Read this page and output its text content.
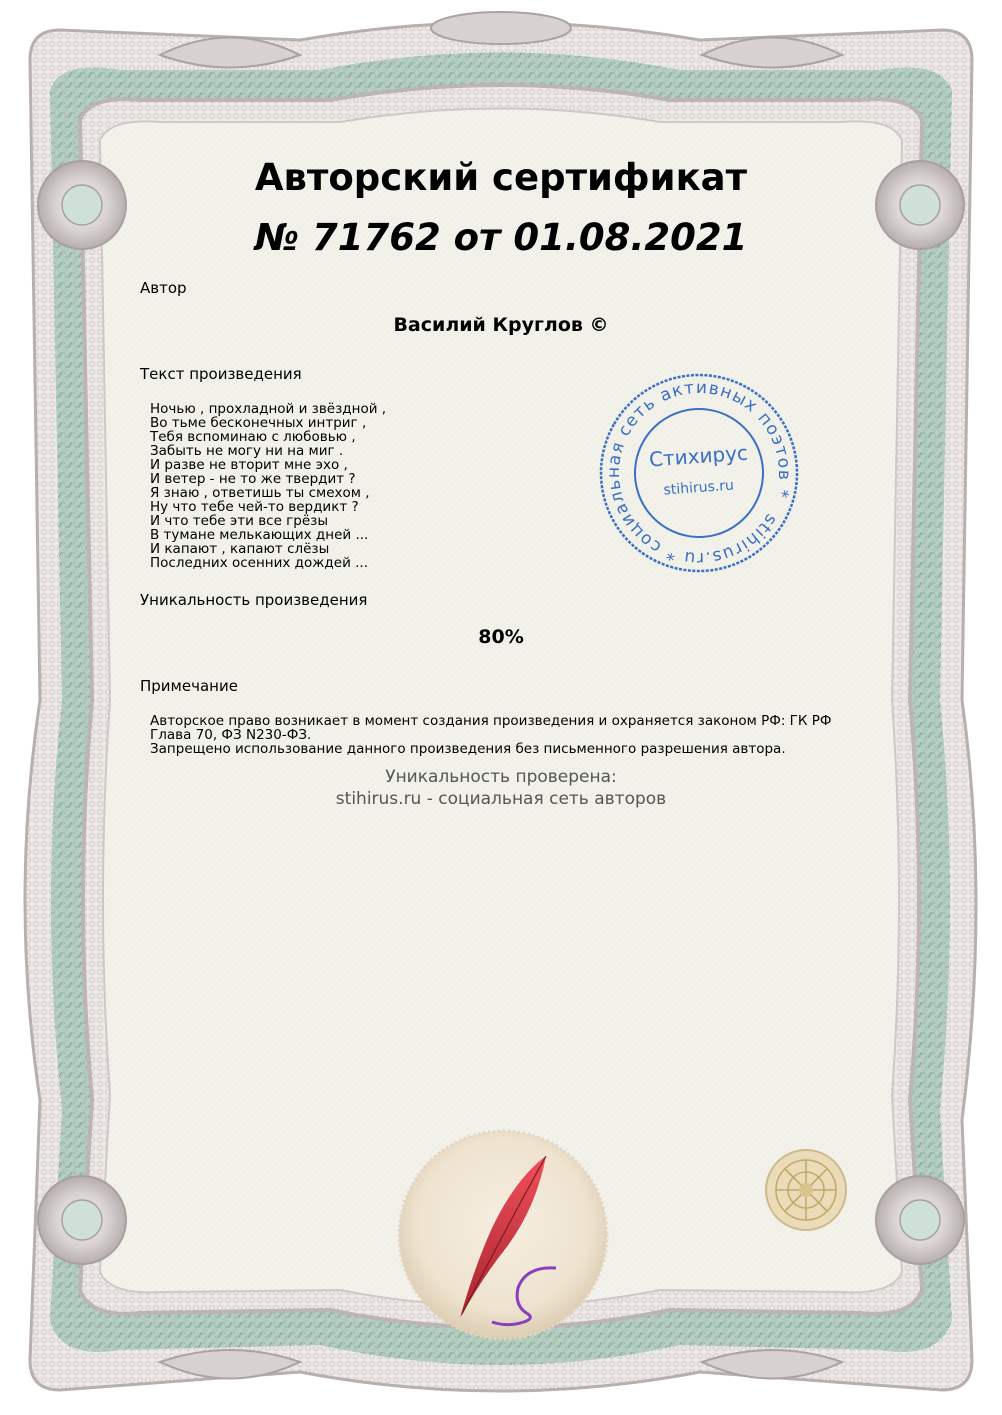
Авторский сертификат
№ 71762 от 01.08.2021
Автор
Василий Круглов ©
Текст произведения
Ночью , прохладной и звёздной ,
Во тьме бесконечных интриг ,
Тебя вспоминаю с любовью ,
Забыть не могу ни на миг .
И разве не вторит мне эхо ,
И ветер - не то же твердит ?
Я знаю , ответишь ты смехом ,
Ну что тебе чей-то вердикт ?
И что тебе эти все грёзы
В тумане мелькающих дней ...
И капают , капают слёзы
Последних осенних дождей ...
Уникальность произведения
80%
Примечание
Авторское право возникает в момент создания произведения и охраняется законом РФ: ГК РФ Глава 70, ФЗ N230-ФЗ.
Запрещено использование данного произведения без письменного разрешения автора.
Уникальность проверена:
stihirus.ru - социальная сеть авторов
stihirus.ru * социальная сеть активных поэтов *
Стихирус
stihirus.ru
